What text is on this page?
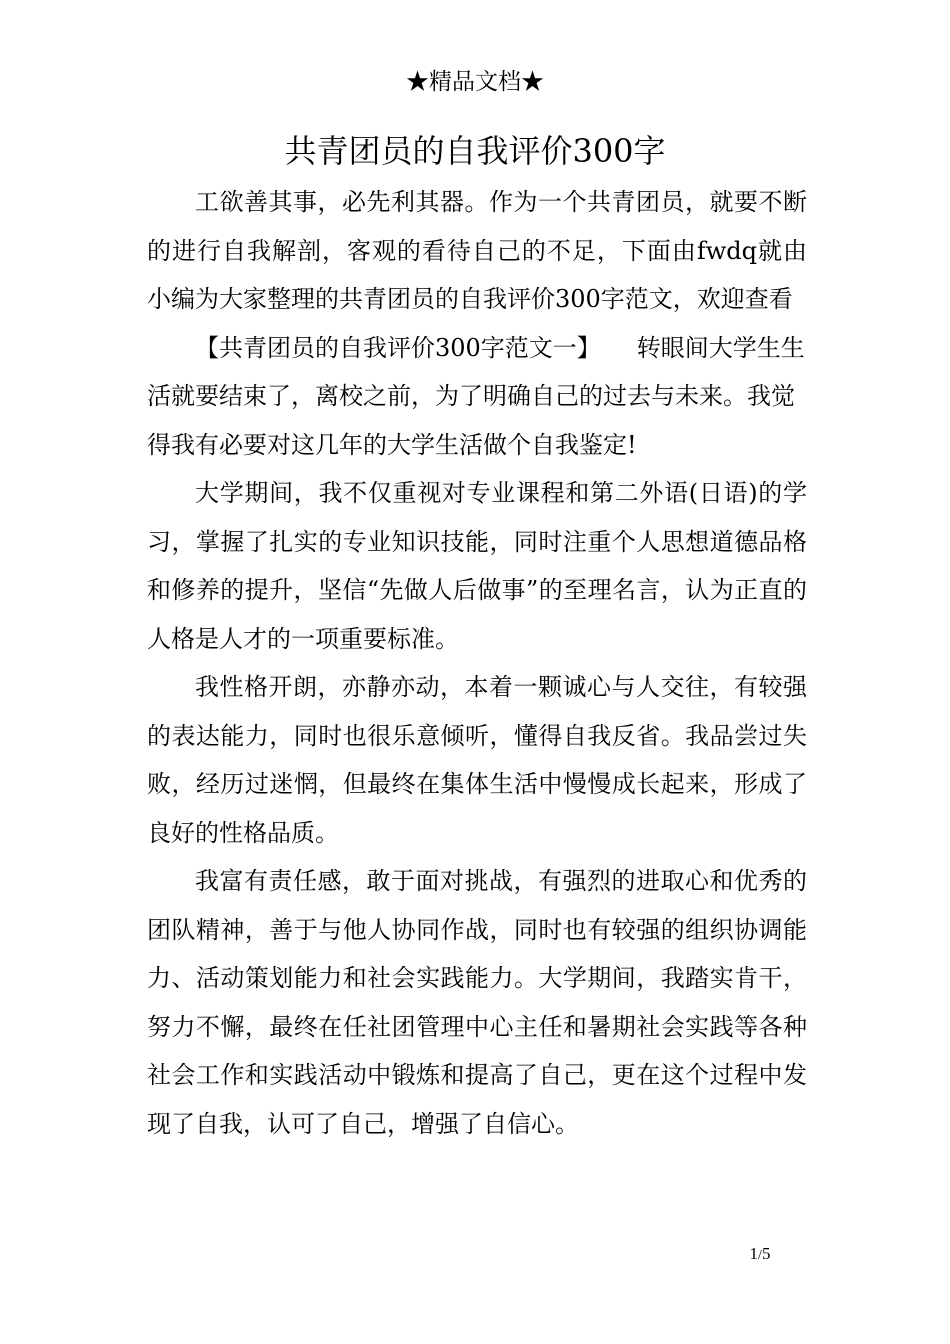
★精品文档★
共青团员的自我评价300字

工欲善其事，必先利其器。作为一个共青团员，就要不断的进行自我解剖，客观的看待自己的不足，下面由fwdq就由小编为大家整理的共青团员的自我评价300字范文，欢迎查看

【共青团员的自我评价300字范文一】　　转眼间大学生生活就要结束了，离校之前，为了明确自己的过去与未来。我觉得我有必要对这几年的大学生活做个自我鉴定!

大学期间，我不仅重视对专业课程和第二外语(日语)的学习，掌握了扎实的专业知识技能，同时注重个人思想道德品格和修养的提升，坚信“先做人后做事”的至理名言，认为正直的人格是人才的一项重要标准。

我性格开朗，亦静亦动，本着一颗诚心与人交往，有较强的表达能力，同时也很乐意倾听，懂得自我反省。我品尝过失败，经历过迷惘，但最终在集体生活中慢慢成长起来，形成了良好的性格品质。

我富有责任感，敢于面对挑战，有强烈的进取心和优秀的团队精神，善于与他人协同作战，同时也有较强的组织协调能力、活动策划能力和社会实践能力。大学期间，我踏实肯干，努力不懈，最终在任社团管理中心主任和暑期社会实践等各种社会工作和实践活动中锻炼和提高了自己，更在这个过程中发现了自我，认可了自己，增强了自信心。

1/5
